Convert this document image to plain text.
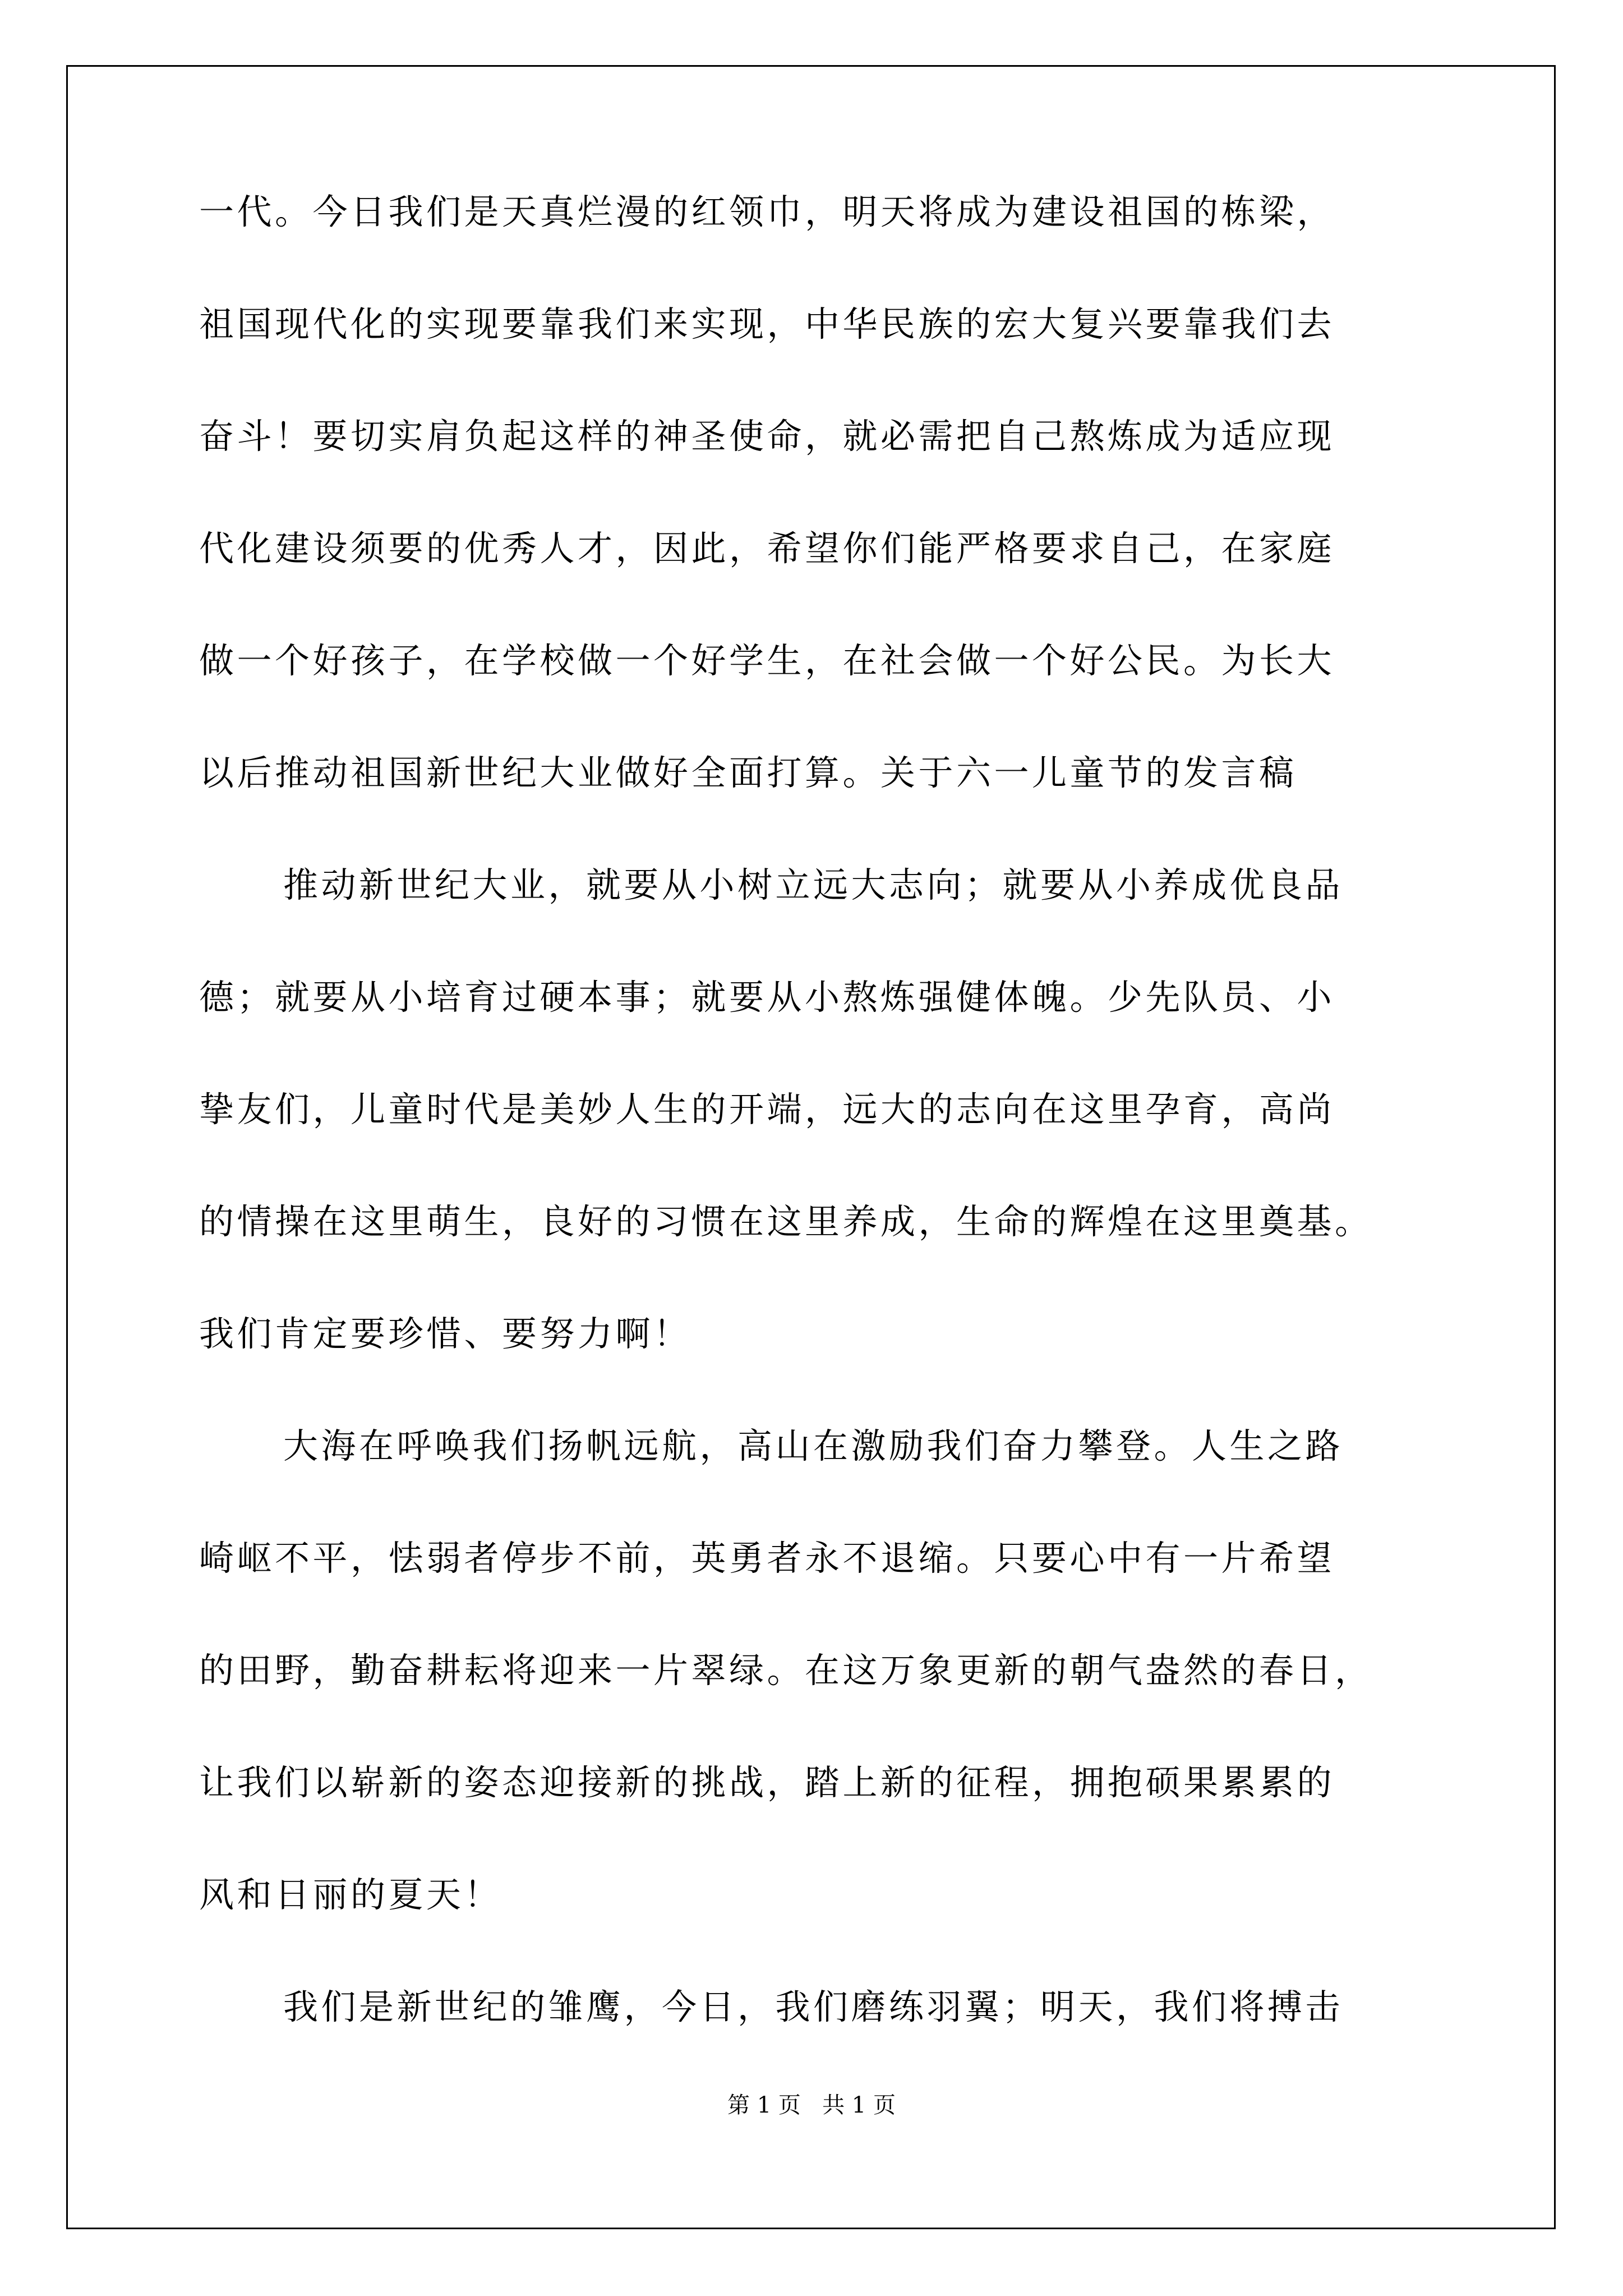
一代。今日我们是天真烂漫的红领巾，明天将成为建设祖国的栋梁，
祖国现代化的实现要靠我们来实现，中华民族的宏大复兴要靠我们去
奋斗！要切实肩负起这样的神圣使命，就必需把自己熬炼成为适应现
代化建设须要的优秀人才，因此，希望你们能严格要求自己，在家庭
做一个好孩子，在学校做一个好学生，在社会做一个好公民。为长大
以后推动祖国新世纪大业做好全面打算。关于六一儿童节的发言稿
推动新世纪大业，就要从小树立远大志向；就要从小养成优良品
德；就要从小培育过硬本事；就要从小熬炼强健体魄。少先队员、小
挚友们，儿童时代是美妙人生的开端，远大的志向在这里孕育，高尚
的情操在这里萌生，良好的习惯在这里养成，生命的辉煌在这里奠基。
我们肯定要珍惜、要努力啊！
大海在呼唤我们扬帆远航，高山在激励我们奋力攀登。人生之路
崎岖不平，怯弱者停步不前，英勇者永不退缩。只要心中有一片希望
的田野，勤奋耕耘将迎来一片翠绿。在这万象更新的朝气盎然的春日，
让我们以崭新的姿态迎接新的挑战，踏上新的征程，拥抱硕果累累的
风和日丽的夏天！
我们是新世纪的雏鹰，今日，我们磨练羽翼；明天，我们将搏击
第 1 页   共 1 页
